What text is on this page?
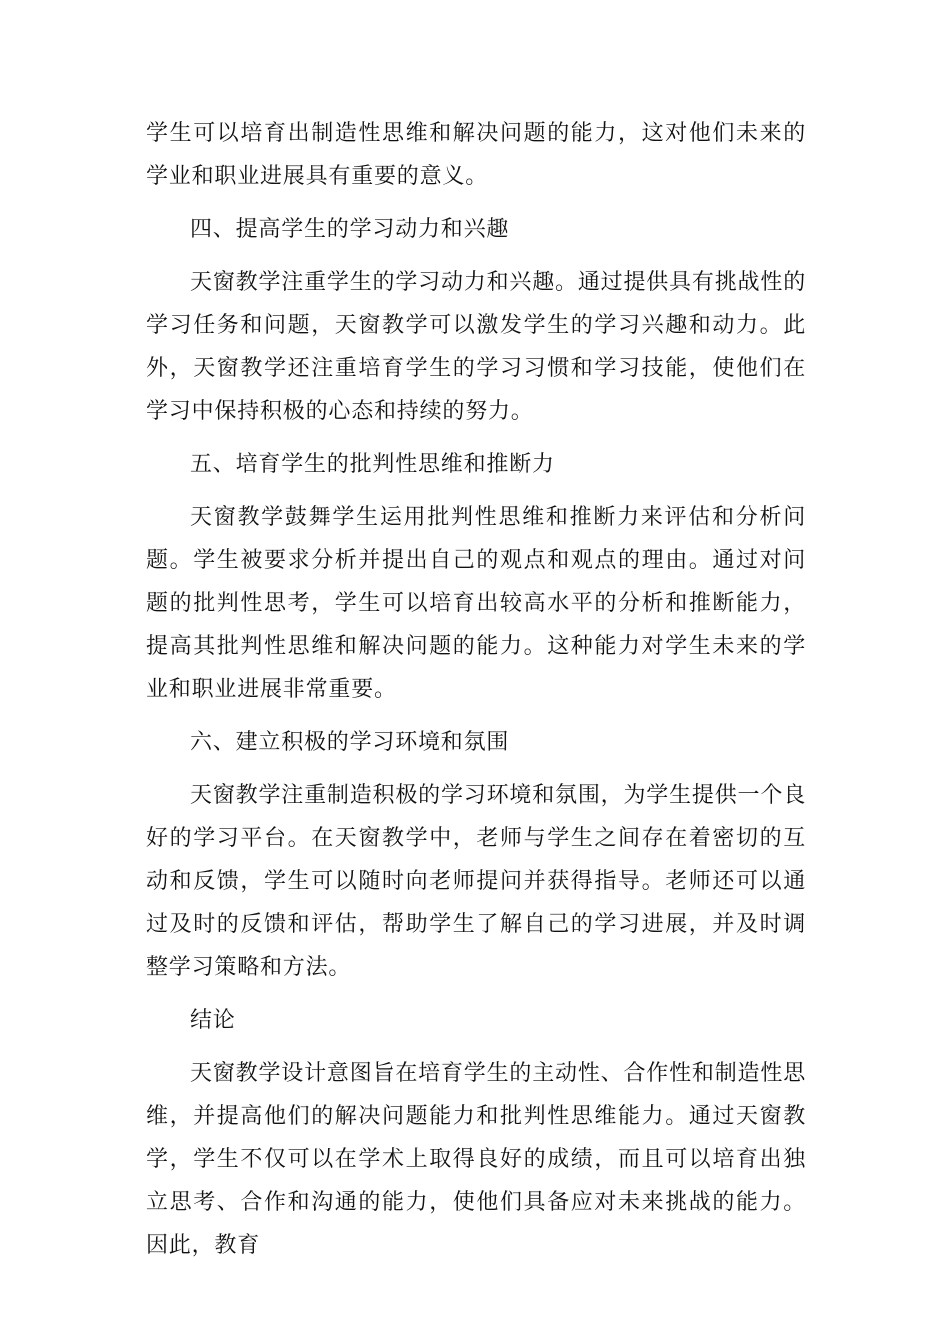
学生可以培育出制造性思维和解决问题的能力，这对他们未来的学业和职业进展具有重要的意义。

四、提高学生的学习动力和兴趣

天窗教学注重学生的学习动力和兴趣。通过提供具有挑战性的学习任务和问题，天窗教学可以激发学生的学习兴趣和动力。此外，天窗教学还注重培育学生的学习习惯和学习技能，使他们在学习中保持积极的心态和持续的努力。

五、培育学生的批判性思维和推断力

天窗教学鼓舞学生运用批判性思维和推断力来评估和分析问题。学生被要求分析并提出自己的观点和观点的理由。通过对问题的批判性思考，学生可以培育出较高水平的分析和推断能力，提高其批判性思维和解决问题的能力。这种能力对学生未来的学业和职业进展非常重要。

六、建立积极的学习环境和氛围

天窗教学注重制造积极的学习环境和氛围，为学生提供一个良好的学习平台。在天窗教学中，老师与学生之间存在着密切的互动和反馈，学生可以随时向老师提问并获得指导。老师还可以通过及时的反馈和评估，帮助学生了解自己的学习进展，并及时调整学习策略和方法。

结论

天窗教学设计意图旨在培育学生的主动性、合作性和制造性思维，并提高他们的解决问题能力和批判性思维能力。通过天窗教学，学生不仅可以在学术上取得良好的成绩，而且可以培育出独立思考、合作和沟通的能力，使他们具备应对未来挑战的能力。因此，教育
